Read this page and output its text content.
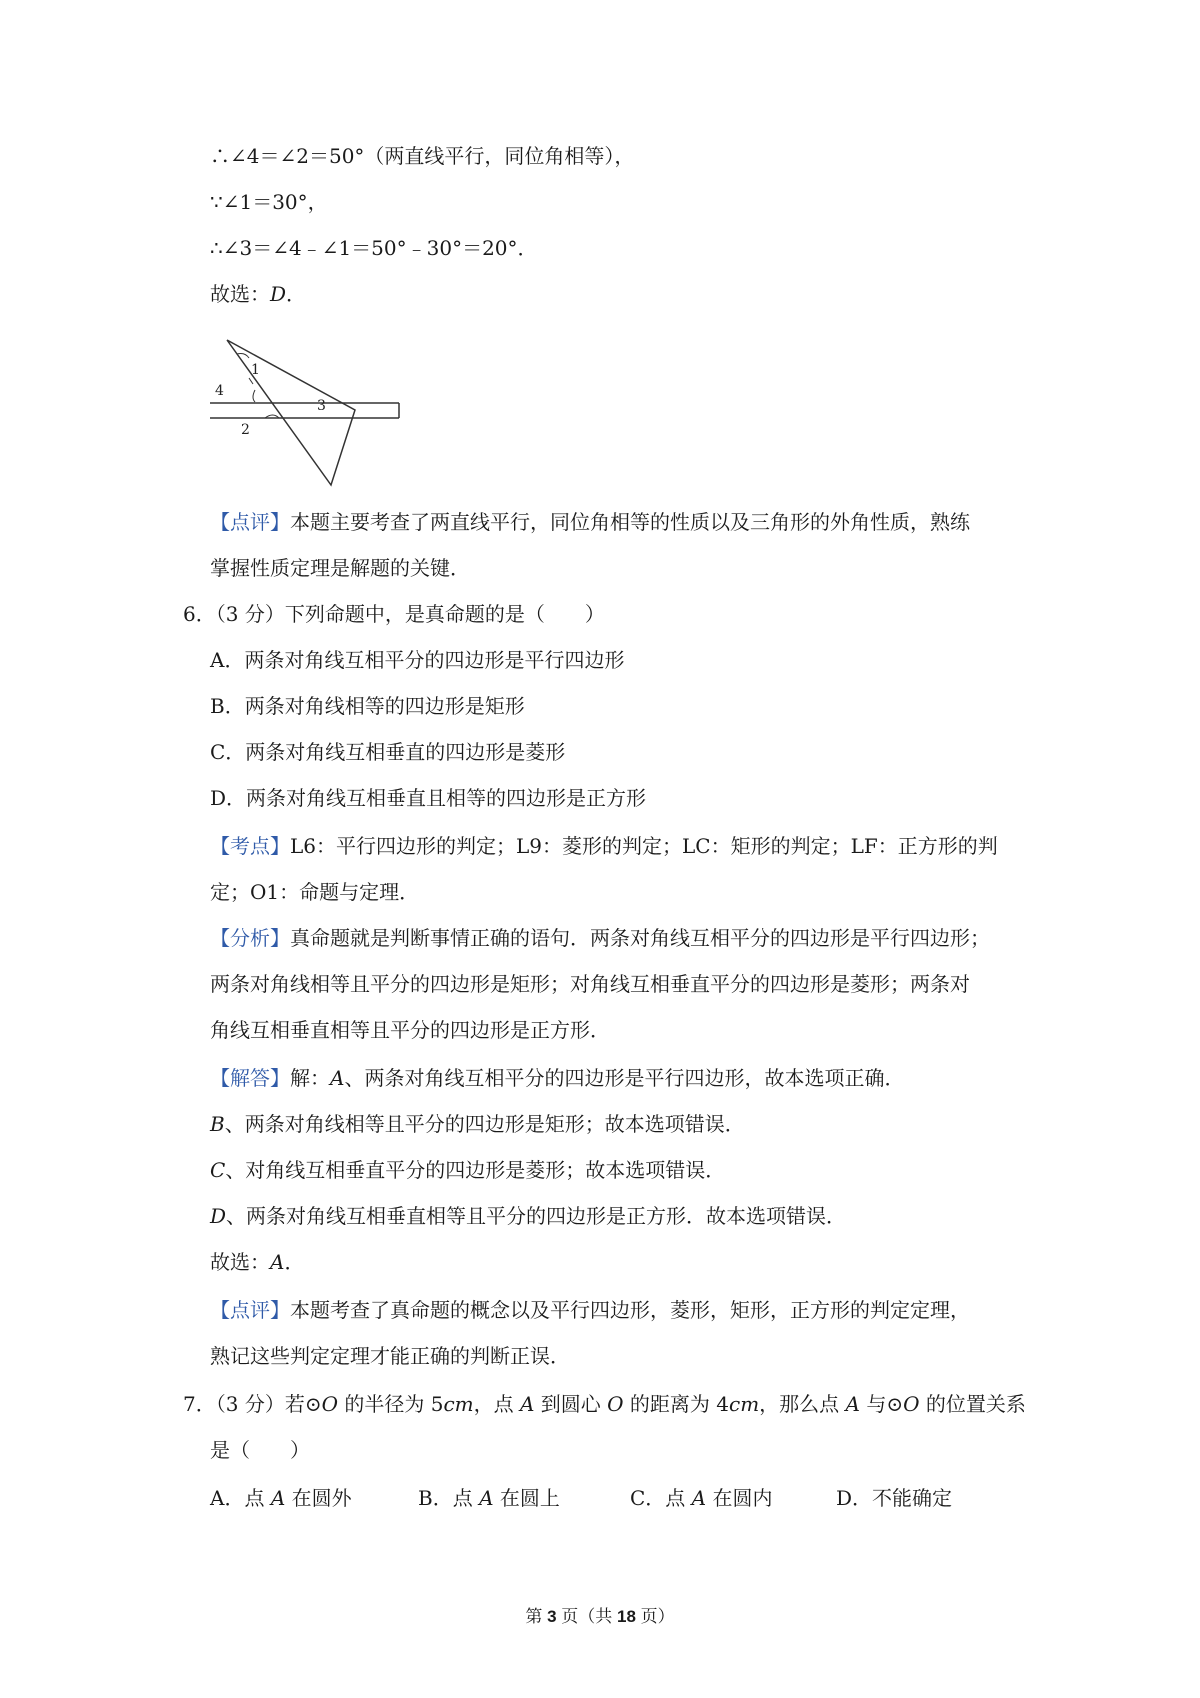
∴∠4＝∠2＝50°（两直线平行，同位角相等），
∵∠1＝30°，
∴∠3＝∠4﹣∠1＝50°﹣30°＝20°．
故选：D．
1
4
2
3
【点评】本题主要考查了两直线平行，同位角相等的性质以及三角形的外角性质，熟练
掌握性质定理是解题的关键．
6．（3 分）下列命题中，是真命题的是（　　）
A．两条对角线互相平分的四边形是平行四边形
B．两条对角线相等的四边形是矩形
C．两条对角线互相垂直的四边形是菱形
D．两条对角线互相垂直且相等的四边形是正方形
【考点】L6：平行四边形的判定；L9：菱形的判定；LC：矩形的判定；LF：正方形的判
定；O1：命题与定理．
【分析】真命题就是判断事情正确的语句．两条对角线互相平分的四边形是平行四边形；
两条对角线相等且平分的四边形是矩形；对角线互相垂直平分的四边形是菱形；两条对
角线互相垂直相等且平分的四边形是正方形．
【解答】解：A、两条对角线互相平分的四边形是平行四边形，故本选项正确．
B、两条对角线相等且平分的四边形是矩形；故本选项错误．
C、对角线互相垂直平分的四边形是菱形；故本选项错误．
D、两条对角线互相垂直相等且平分的四边形是正方形．故本选项错误．
故选：A．
【点评】本题考查了真命题的概念以及平行四边形，菱形，矩形，正方形的判定定理，
熟记这些判定定理才能正确的判断正误．
7．（3 分）若⊙O 的半径为 5cm，点 A 到圆心 O 的距离为 4cm，那么点 A 与⊙O 的位置关系
是（　　）
A．点 A 在圆外	B．点 A 在圆上	C．点 A 在圆内	D．不能确定
第 3 页（共 18 页）
